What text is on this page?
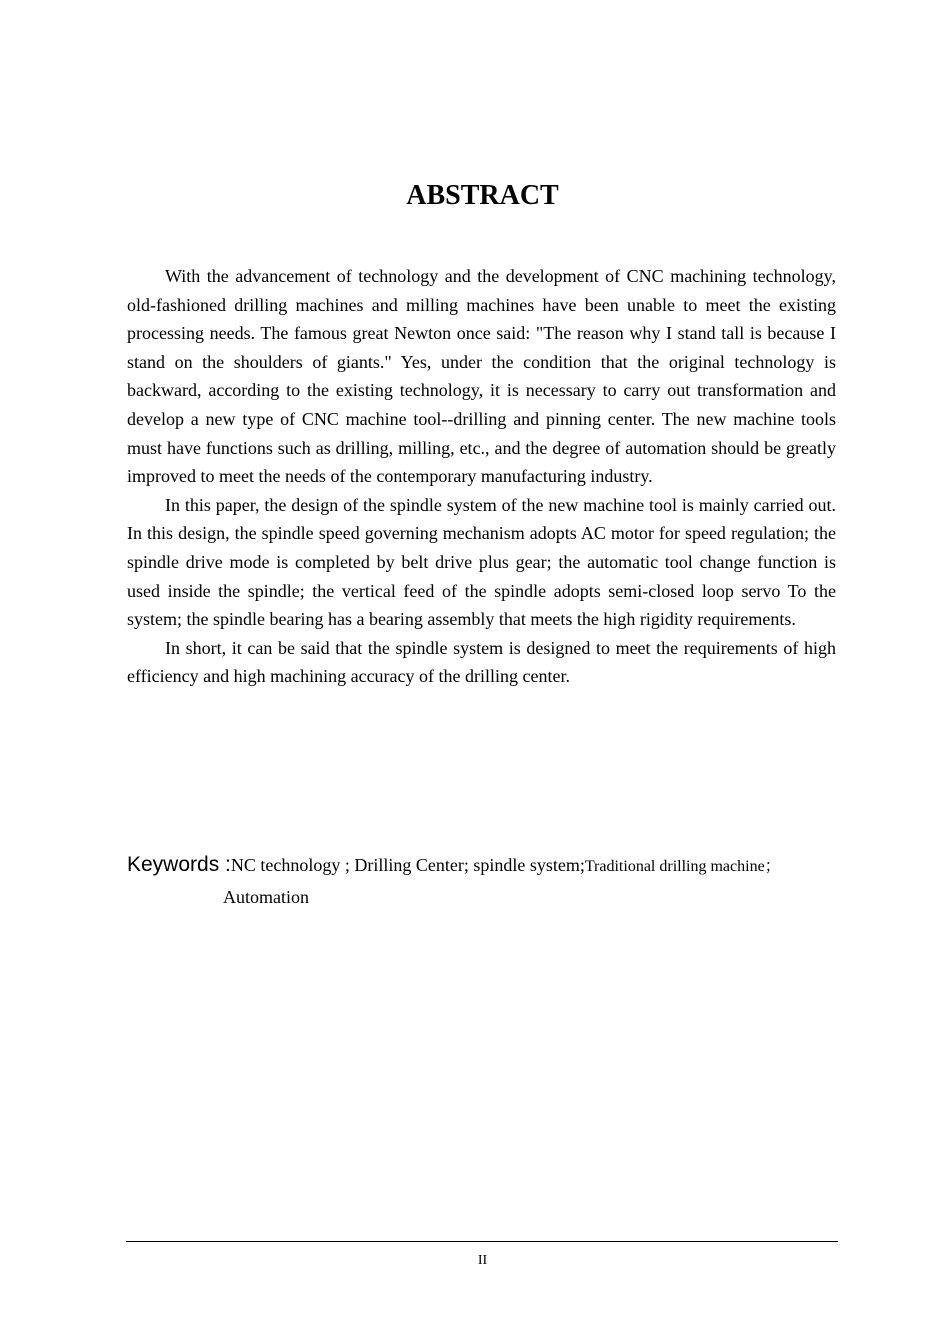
ABSTRACT

With the advancement of technology and the development of CNC machining technology, old-fashioned drilling machines and milling machines have been unable to meet the existing processing needs. The famous great Newton once said: "The reason why I stand tall is because I stand on the shoulders of giants." Yes, under the condition that the original technology is backward, according to the existing technology, it is necessary to carry out transformation and develop a new type of CNC machine tool--drilling and pinning center. The new machine tools must have functions such as drilling, milling, etc., and the degree of automation should be greatly improved to meet the needs of the contemporary manufacturing industry.

In this paper, the design of the spindle system of the new machine tool is mainly carried out. In this design, the spindle speed governing mechanism adopts AC motor for speed regulation; the spindle drive mode is completed by belt drive plus gear; the automatic tool change function is used inside the spindle; the vertical feed of the spindle adopts semi-closed loop servo To the system; the spindle bearing has a bearing assembly that meets the high rigidity requirements.

In short, it can be said that the spindle system is designed to meet the requirements of high efficiency and high machining accuracy of the drilling center.

Keywords :NC technology ; Drilling Center; spindle system;Traditional drilling machine；
Automation
II
